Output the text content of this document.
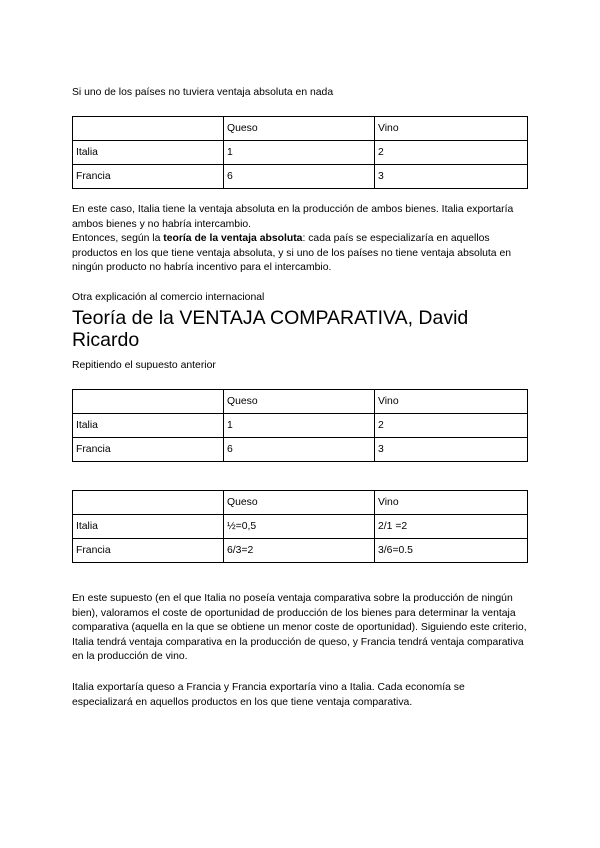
Si uno de los países no tuviera ventaja absoluta en nada

	Queso	Vino
Italia	1	2
Francia	6	3

En este caso, Italia tiene la ventaja absoluta en la producción de ambos bienes. Italia exportaría ambos bienes y no habría intercambio.
Entonces, según la teoría de la ventaja absoluta: cada país se especializaría en aquellos productos en los que tiene ventaja absoluta, y si uno de los países no tiene ventaja absoluta en ningún producto no habría incentivo para el intercambio.

Otra explicación al comercio internacional

Teoría de la VENTAJA COMPARATIVA, David Ricardo

Repitiendo el supuesto anterior

	Queso	Vino
Italia	1	2
Francia	6	3
	Queso	Vino
Italia	½=0,5	2/1 =2
Francia	6/3=2	3/6=0.5

En este supuesto (en el que Italia no poseía ventaja comparativa sobre la producción de ningún bien), valoramos el coste de oportunidad de producción de los bienes para determinar la ventaja comparativa (aquella en la que se obtiene un menor coste de oportunidad). Siguiendo este criterio, Italia tendrá ventaja comparativa en la producción de queso, y Francia tendrá ventaja comparativa en la producción de vino.

Italia exportaría queso a Francia y Francia exportaría vino a Italia. Cada economía se especializará en aquellos productos en los que tiene ventaja comparativa.
